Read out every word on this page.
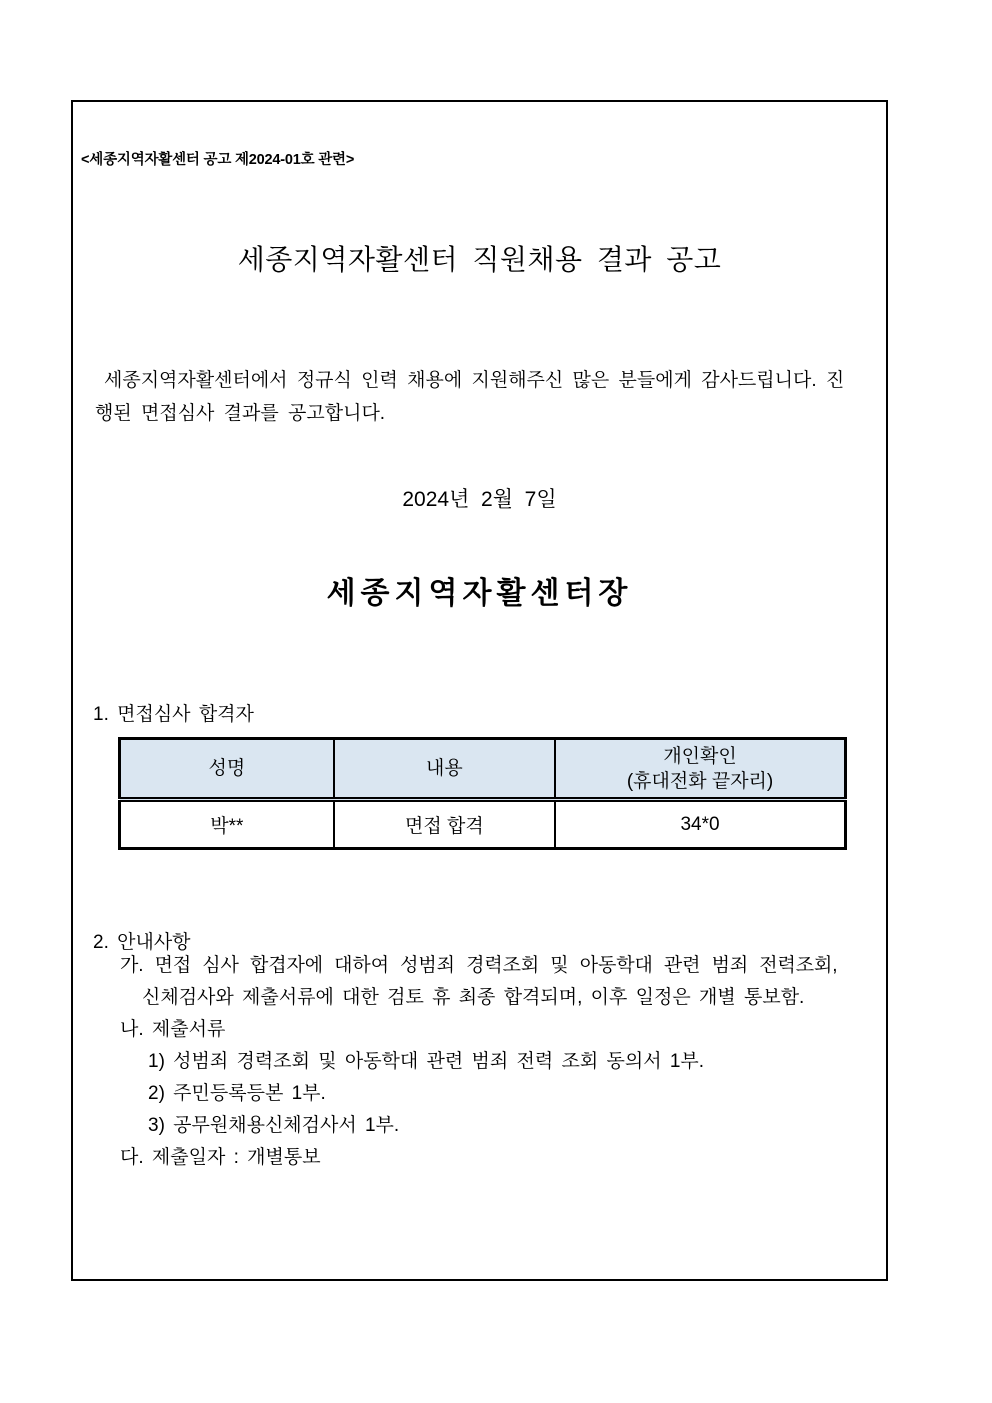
<세종지역자활센터 공고 제2024-01호 관련>
세종지역자활센터 직원채용 결과 공고
세종지역자활센터에서 정규식 인력 채용에 지원해주신 많은 분들에게 감사드립니다. 진행된 면접심사 결과를 공고합니다.
2024년  2월  7일
세종지역자활센터장
1. 면접심사 합격자
성명	내용	개인확인
(휴대전화 끝자리)

박**	면접 합격	34*0
2. 안내사항
가. 면접 심사 합겹자에 대하여 성범죄 경력조회 및 아동학대 관련 범죄 전력조회,
신체검사와 제출서류에 대한 검토 휴 최종 합격되며, 이후 일정은 개별 통보함.
나. 제출서류
1) 성범죄 경력조회 및 아동학대 관련 범죄 전력 조회 동의서 1부.
2) 주민등록등본 1부.
3) 공무원채용신체검사서 1부.
다. 제출일자 : 개별통보
